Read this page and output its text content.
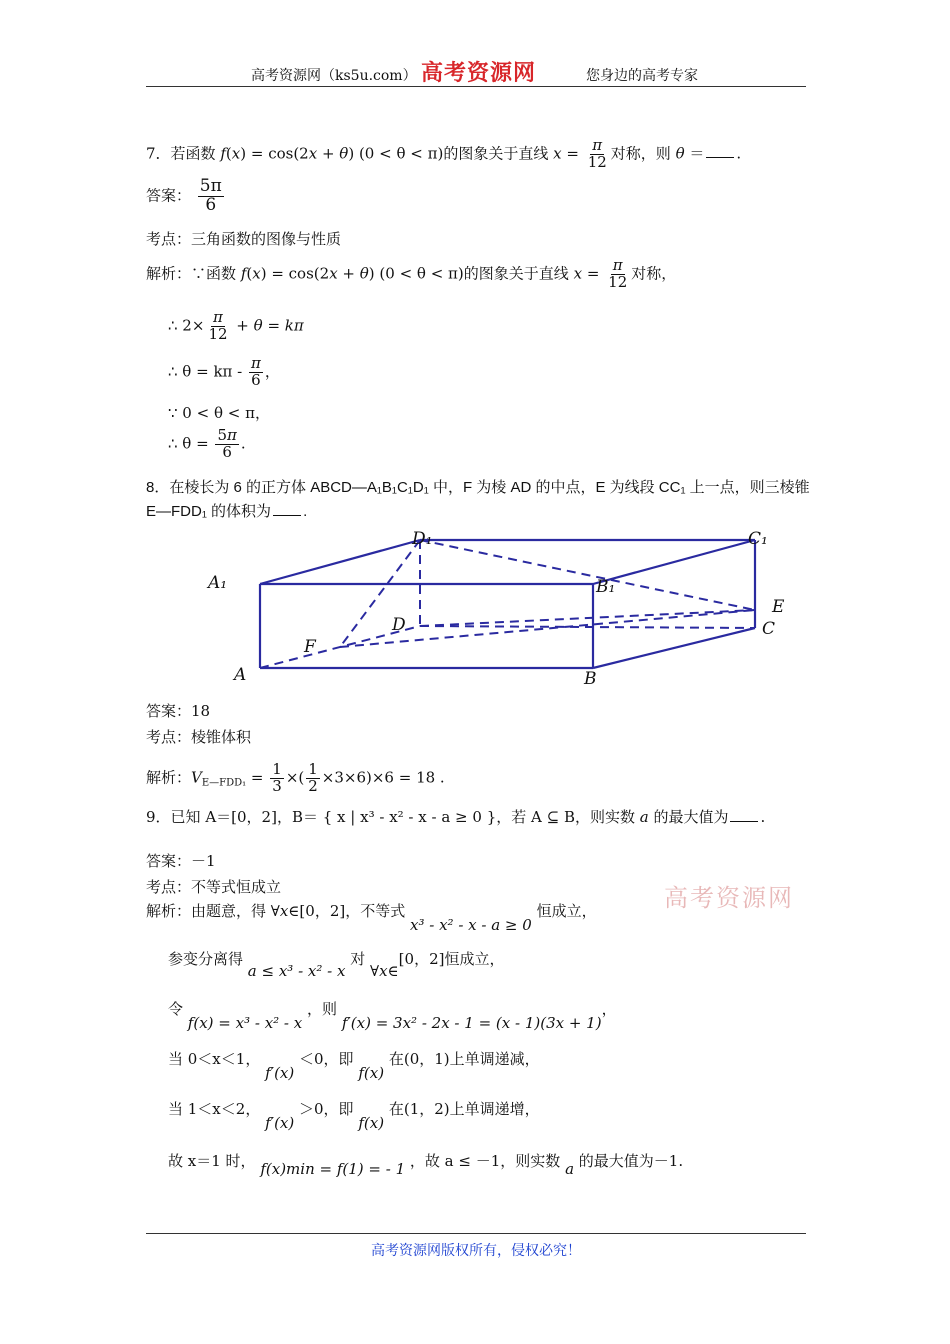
高考资源网（ks5u.com） 高考资源网	您身边的高考专家
7．若函数 f(x) = cos(2x + θ) (0 < θ < π)的图象关于直线 $x = \frac{\pi}{12}$ 对称，则 θ ＝ .
答案： $\frac{5\pi}{6}$
考点：三角函数的图像与性质
解析：∵函数 f(x) = cos(2x + θ) (0 < θ < π)的图象关于直线 $x = \frac{\pi}{12}$ 对称，
∴ $2\times \frac{\pi}{12} + \theta = k\pi$
∴ $\theta = k\pi - \frac{\pi}{6}$ ，
∵ 0 < θ < π，
∴ $\theta = \frac{5\pi}{6}$ .
8．在棱长为 6 的正方体 ABCD—A₁B₁C₁D₁ 中，F 为棱 AD 的中点，E 为线段 CC₁ 上一点，则三棱锥
E—FDD₁ 的体积为 .
D₁	C₁
A₁	B₁
E
D	C
F
A	B
答案：18
考点：棱锥体积
解析：$V_{E—FDD_1} = \frac{1}{3}$ ×( $\frac{1}{2} \times 3\times 6)\times 6 = 18$ .
9．已知 A＝[0，2]，B＝ { x | x³ - x² - x - a ≥ 0 }，若 A ⊆ B，则实数 a 的最大值为 .
答案：－1
考点：不等式恒成立
解析：由题意，得 ∀x∈[0，2]，不等式 x³ - x² - x - a ≥ 0 恒成立，
参变分离得 a ≤ x³ - x² - x 对 ∀x∈[0，2]恒成立，
令 f(x) = x³ - x² - x ，则 f′(x) = 3x² - 2x - 1 = (x - 1)(3x + 1)，
当 0＜x＜1， f′(x) ＜0，即 f(x) 在(0，1)上单调递减，
当 1＜x＜2， f′(x) ＞0，即 f(x) 在(1，2)上单调递增，
故 x＝1 时， f(x)min = f(1) = - 1 ，故 a ≤ －1，则实数 a 的最大值为－1.
高考资源网
高考资源网版权所有，侵权必究！
